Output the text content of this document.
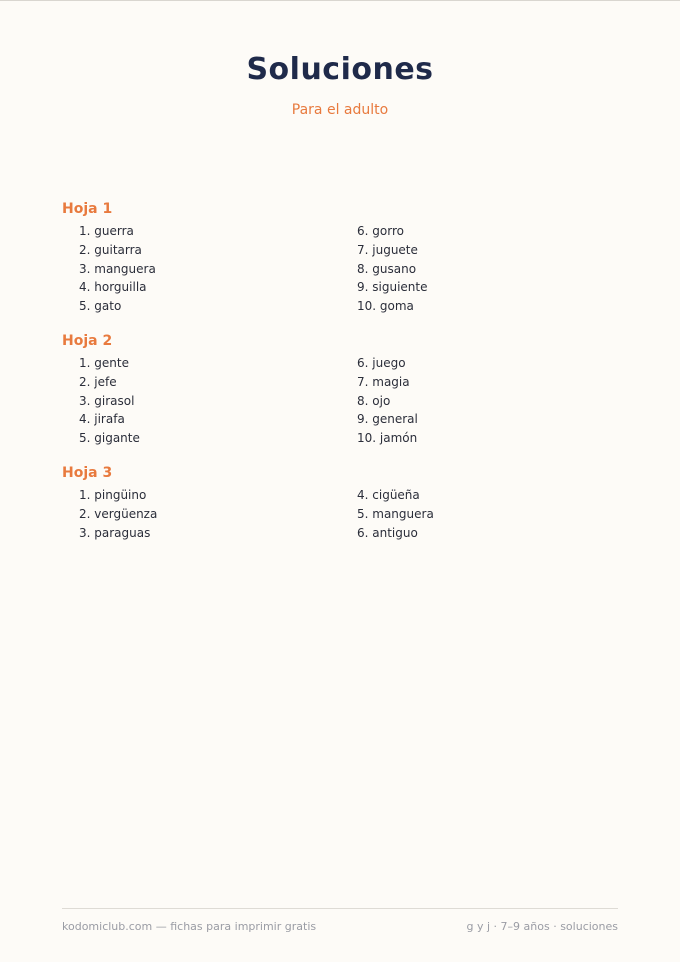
Soluciones
Para el adulto
Hoja 1
1. guerra
2. guitarra
3. manguera
4. horguilla
5. gato
6. gorro
7. juguete
8. gusano
9. siguiente
10. goma
Hoja 2
1. gente
2. jefe
3. girasol
4. jirafa
5. gigante
6. juego
7. magia
8. ojo
9. general
10. jamón
Hoja 3
1. pingüino
2. vergüenza
3. paraguas
4. cigüeña
5. manguera
6. antiguo
kodomiclub.com — fichas para imprimir gratis	g y j · 7–9 años · soluciones
